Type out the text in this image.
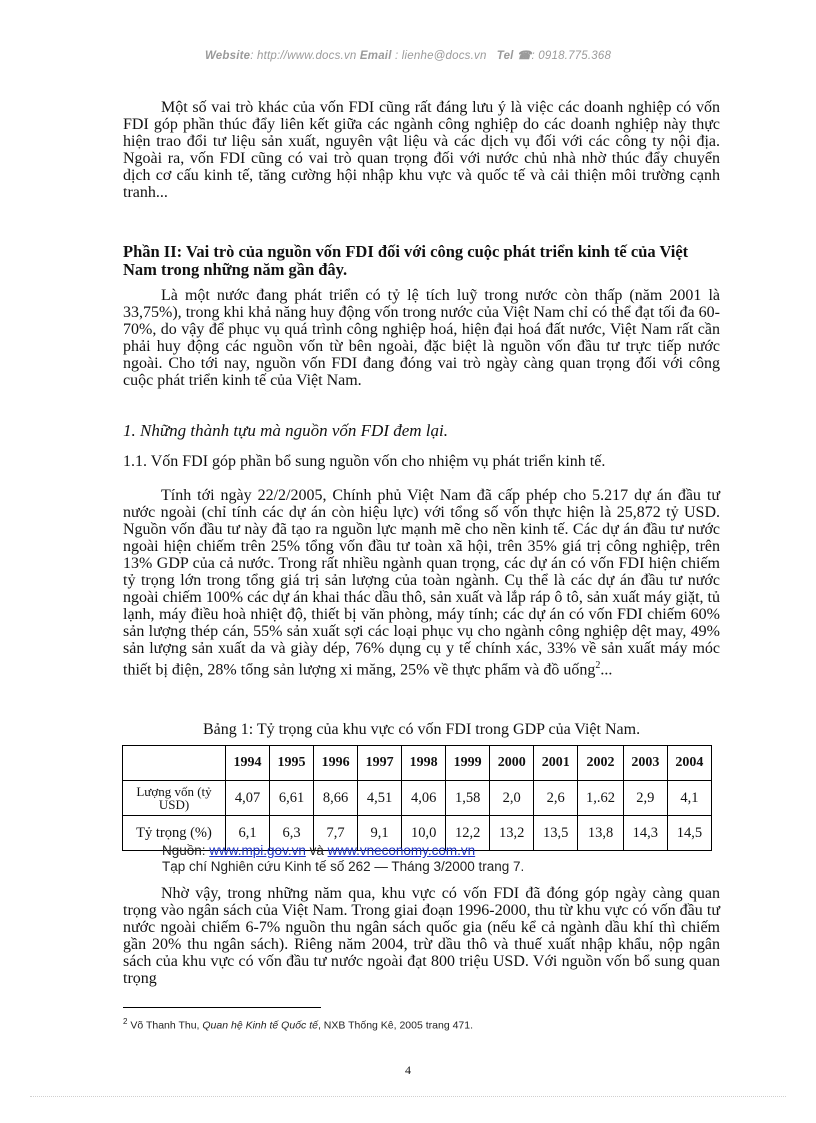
Website: http://www.docs.vn Email : lienhe@docs.vn Tel ☎: 0918.775.368

Một số vai trò khác của vốn FDI cũng rất đáng lưu ý là việc các doanh nghiệp có vốn FDI góp phần thúc đẩy liên kết giữa các ngành công nghiệp do các doanh nghiệp này thực hiện trao đổi tư liệu sản xuất, nguyên vật liệu và các dịch vụ đối với các công ty nội địa. Ngoài ra, vốn FDI cũng có vai trò quan trọng đối với nước chủ nhà nhờ thúc đẩy chuyển dịch cơ cấu kinh tế, tăng cường hội nhập khu vực và quốc tế và cải thiện môi trường cạnh tranh...

Phần II: Vai trò của nguồn vốn FDI đối với công cuộc phát triển kinh tế của Việt Nam trong những năm gần đây.

Là một nước đang phát triển có tỷ lệ tích luỹ trong nước còn thấp (năm 2001 là 33,75%), trong khi khả năng huy động vốn trong nước của Việt Nam chỉ có thể đạt tối đa 60-70%, do vậy để phục vụ quá trình công nghiệp hoá, hiện đại hoá đất nước, Việt Nam rất cần phải huy động các nguồn vốn từ bên ngoài, đặc biệt là nguồn vốn đầu tư trực tiếp nước ngoài. Cho tới nay, nguồn vốn FDI đang đóng vai trò ngày càng quan trọng đối với công cuộc phát triển kinh tế của Việt Nam.

1. Những thành tựu mà nguồn vốn FDI đem lại.

1.1. Vốn FDI góp phần bổ sung nguồn vốn cho nhiệm vụ phát triển kinh tế.

Tính tới ngày 22/2/2005, Chính phủ Việt Nam đã cấp phép cho 5.217 dự án đầu tư nước ngoài (chỉ tính các dự án còn hiệu lực) với tổng số vốn thực hiện là 25,872 tỷ USD. Nguồn vốn đầu tư này đã tạo ra nguồn lực mạnh mẽ cho nền kinh tế. Các dự án đầu tư nước ngoài hiện chiếm trên 25% tổng vốn đầu tư toàn xã hội, trên 35% giá trị công nghiệp, trên 13% GDP của cả nước. Trong rất nhiều ngành quan trọng, các dự án có vốn FDI hiện chiếm tỷ trọng lớn trong tổng giá trị sản lượng của toàn ngành. Cụ thể là các dự án đầu tư nước ngoài chiếm 100% các dự án khai thác dầu thô, sản xuất và lắp ráp ô tô, sản xuất máy giặt, tủ lạnh, máy điều hoà nhiệt độ, thiết bị văn phòng, máy tính; các dự án có vốn FDI chiếm 60% sản lượng thép cán, 55% sản xuất sợi các loại phục vụ cho ngành công nghiệp dệt may, 49% sản lượng sản xuất da và giày dép, 76% dụng cụ y tế chính xác, 33% về sản xuất máy móc thiết bị điện, 28% tổng sản lượng xi măng, 25% về thực phẩm và đồ uống$^2$...

Bảng 1: Tỷ trọng của khu vực có vốn FDI trong GDP của Việt Nam.

	1994	1995	1996	1997	1998	1999	2000	2001	2002	2003	2004
Lượng vốn (tỷ USD)	4,07	6,61	8,66	4,51	4,06	1,58	2,0	2,6	1,.62	2,9	4,1
Tỷ trọng (%)	6,1	6,3	7,7	9,1	10,0	12,2	13,2	13,5	13,8	14,3	14,5

Nguồn: www.mpi.gov.vn và www.vneconomy.com.vn
Tạp chí Nghiên cứu Kinh tế số 262 — Tháng 3/2000 trang 7.

Nhờ vậy, trong những năm qua, khu vực có vốn FDI đã đóng góp ngày càng quan trọng vào ngân sách của Việt Nam. Trong giai đoạn 1996-2000, thu từ khu vực có vốn đầu tư nước ngoài chiếm 6-7% nguồn thu ngân sách quốc gia (nếu kể cả ngành dầu khí thì chiếm gần 20% thu ngân sách). Riêng năm 2004, trừ dầu thô và thuế xuất nhập khẩu, nộp ngân sách của khu vực có vốn đầu tư nước ngoài đạt 800 triệu USD. Với nguồn vốn bổ sung quan trọng

$^2$ Võ Thanh Thu, Quan hệ Kinh tế Quốc tế, NXB Thống Kê, 2005 trang 471.

4
